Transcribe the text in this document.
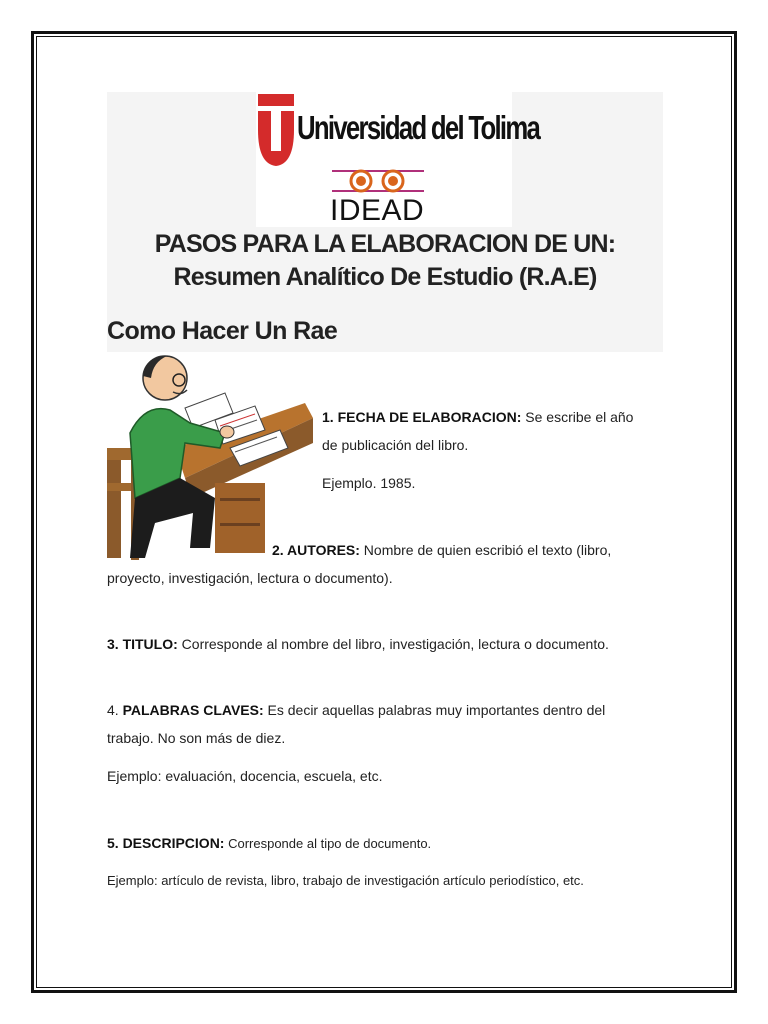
Universidad del Tolima
IDEAD
PASOS PARA LA ELABORACION DE UN:
Resumen Analítico De Estudio (R.A.E)
Como Hacer Un Rae
1. FECHA DE ELABORACION: Se escribe el año
de publicación del libro.
Ejemplo. 1985.
2. AUTORES: Nombre de quien escribió el texto (libro,
proyecto, investigación, lectura o documento).
3. TITULO: Corresponde al nombre del libro, investigación, lectura o documento.
4. PALABRAS CLAVES: Es decir aquellas palabras muy importantes dentro del
trabajo. No son más de diez.
Ejemplo: evaluación, docencia, escuela, etc.
5. DESCRIPCION: Corresponde al tipo de documento.
Ejemplo: artículo de revista, libro, trabajo de investigación artículo periodístico, etc.
